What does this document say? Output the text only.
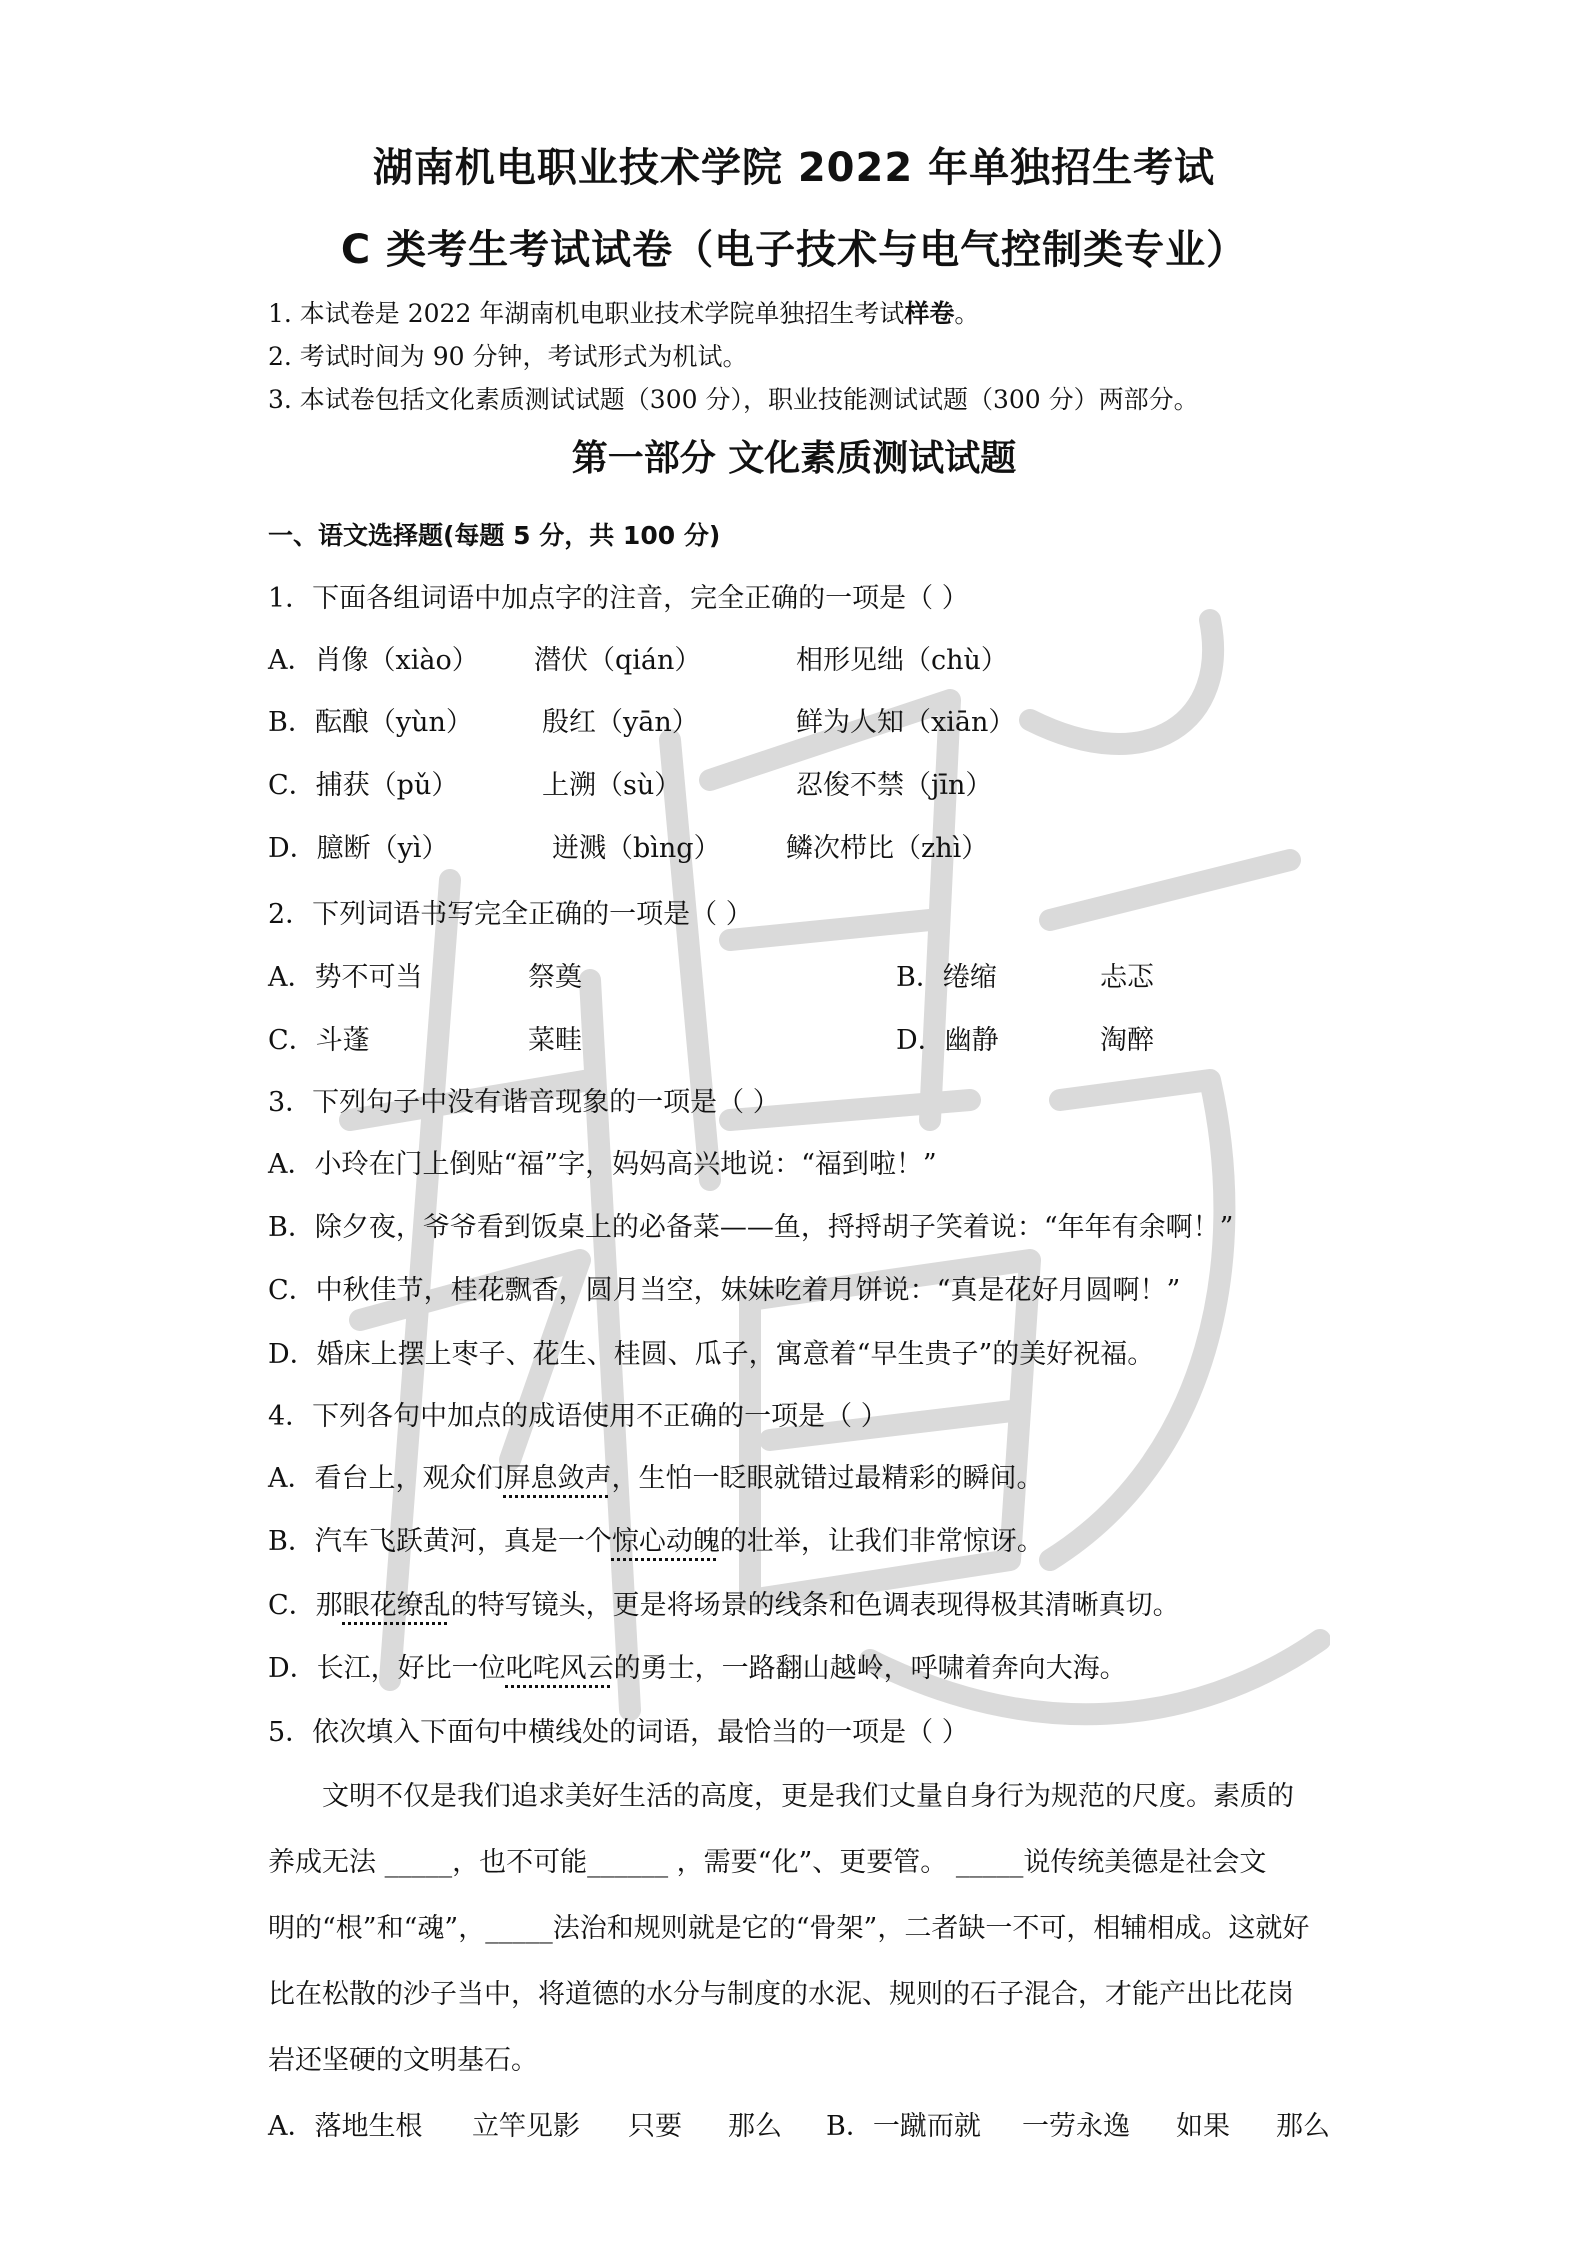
湖南机电职业技术学院 2022 年单独招生考试
C 类考生考试试卷（电子技术与电气控制类专业）
1. 本试卷是 2022 年湖南机电职业技术学院单独招生考试样卷。
2. 考试时间为 90 分钟，考试形式为机试。
3. 本试卷包括文化素质测试试题（300 分），职业技能测试试题（300 分）两部分。
第一部分 文化素质测试试题
一、语文选择题(每题 5 分，共 100 分)
1．下面各组词语中加点字的注音，完全正确的一项是（ ）
A．肖像（xiào） 潜伏（qián）	相形见绌（chù）
B．酝酿（yùn）	殷红（yān）	鲜为人知（xiān）
C．捕获（pǔ）	上溯（sù）	忍俊不禁（jīn）
D．臆断（yì）	迸溅（bìng） 鳞次栉比（zhì）
2．下列词语书写完全正确的一项是（ ）
A．势不可当	祭奠	B．绻缩	忐忑
C．斗蓬	菜畦	D．幽静	淘醉
3．下列句子中没有谐音现象的一项是（ ）
A．小玲在门上倒贴“福”字，妈妈高兴地说：“福到啦！”
B．除夕夜，爷爷看到饭桌上的必备菜——鱼，捋捋胡子笑着说：“年年有余啊！”
C．中秋佳节，桂花飘香，圆月当空，妹妹吃着月饼说：“真是花好月圆啊！”
D．婚床上摆上枣子、花生、桂圆、瓜子，寓意着“早生贵子”的美好祝福。
4．下列各句中加点的成语使用不正确的一项是（ ）
A．看台上，观众们屏息敛声，生怕一眨眼就错过最精彩的瞬间。
B．汽车飞跃黄河，真是一个惊心动魄的壮举，让我们非常惊讶。
C．那眼花缭乱的特写镜头，更是将场景的线条和色调表现得极其清晰真切。
D．长江，好比一位叱咤风云的勇士，一路翻山越岭，呼啸着奔向大海。
5．依次填入下面句中横线处的词语，最恰当的一项是（ ）
　　文明不仅是我们追求美好生活的高度，更是我们丈量自身行为规范的尺度。素质的
养成无法 _____，也不可能______ ，需要“化”、更要管。 _____说传统美德是社会文
明的“根”和“魂”，_____法治和规则就是它的“骨架”，二者缺一不可，相辅相成。这就好
比在松散的沙子当中，将道德的水分与制度的水泥、规则的石子混合，才能产出比花岗
岩还坚硬的文明基石。
A．落地生根 立竿见影 只要 那么 B．一蹴而就 一劳永逸 如果 那么
